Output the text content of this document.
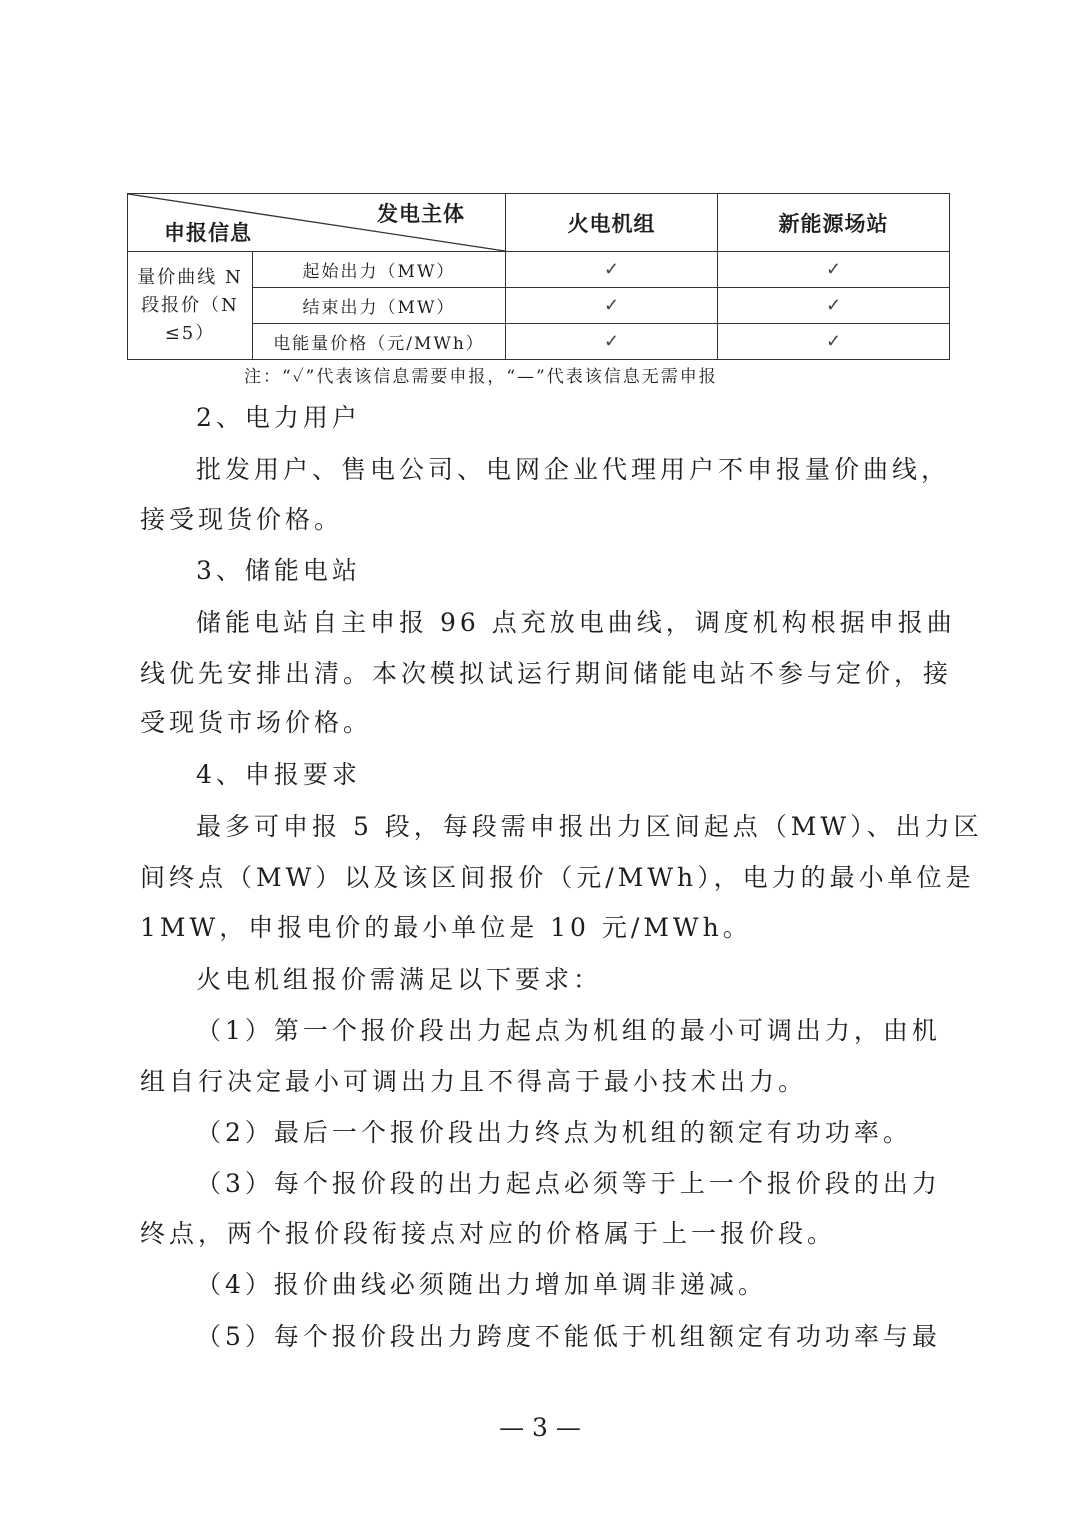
发电主体
申报信息		火电机组	新能源场站
量价曲线 N 段报价（N ≤5）	起始出力（MW）	✓	✓
	结束出力（MW）	✓	✓
	电能量价格（元/MWh）	✓	✓
注：“✓”代表该信息需要申报，“—”代表该信息无需申报
2、电力用户
批发用户、售电公司、电网企业代理用户不申报量价曲线，
接受现货价格。
3、储能电站
储能电站自主申报 96 点充放电曲线，调度机构根据申报曲
线优先安排出清。本次模拟试运行期间储能电站不参与定价，接
受现货市场价格。
4、申报要求
最多可申报 5 段，每段需申报出力区间起点（MW）、出力区
间终点（MW）以及该区间报价（元/MWh），电力的最小单位是
1MW，申报电价的最小单位是 10 元/MWh。
火电机组报价需满足以下要求：
（1）第一个报价段出力起点为机组的最小可调出力，由机
组自行决定最小可调出力且不得高于最小技术出力。
（2）最后一个报价段出力终点为机组的额定有功功率。
（3）每个报价段的出力起点必须等于上一个报价段的出力
终点，两个报价段衔接点对应的价格属于上一报价段。
（4）报价曲线必须随出力增加单调非递减。
（5）每个报价段出力跨度不能低于机组额定有功功率与最
— 3 —
